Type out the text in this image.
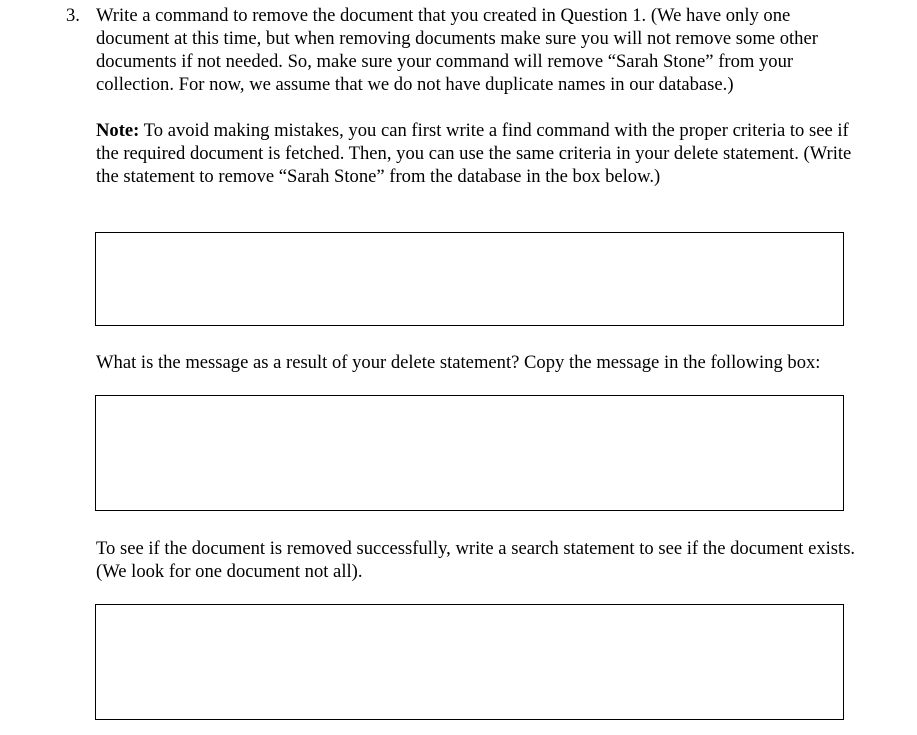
3. Write a command to remove the document that you created in Question 1. (We have only one document at this time, but when removing documents make sure you will not remove some other documents if not needed. So, make sure your command will remove “Sarah Stone” from your collection. For now, we assume that we do not have duplicate names in our database.)
Note: To avoid making mistakes, you can first write a find command with the proper criteria to see if the required document is fetched. Then, you can use the same criteria in your delete statement. (Write the statement to remove “Sarah Stone” from the database in the box below.)
What is the message as a result of your delete statement? Copy the message in the following box:
To see if the document is removed successfully, write a search statement to see if the document exists. (We look for one document not all).
